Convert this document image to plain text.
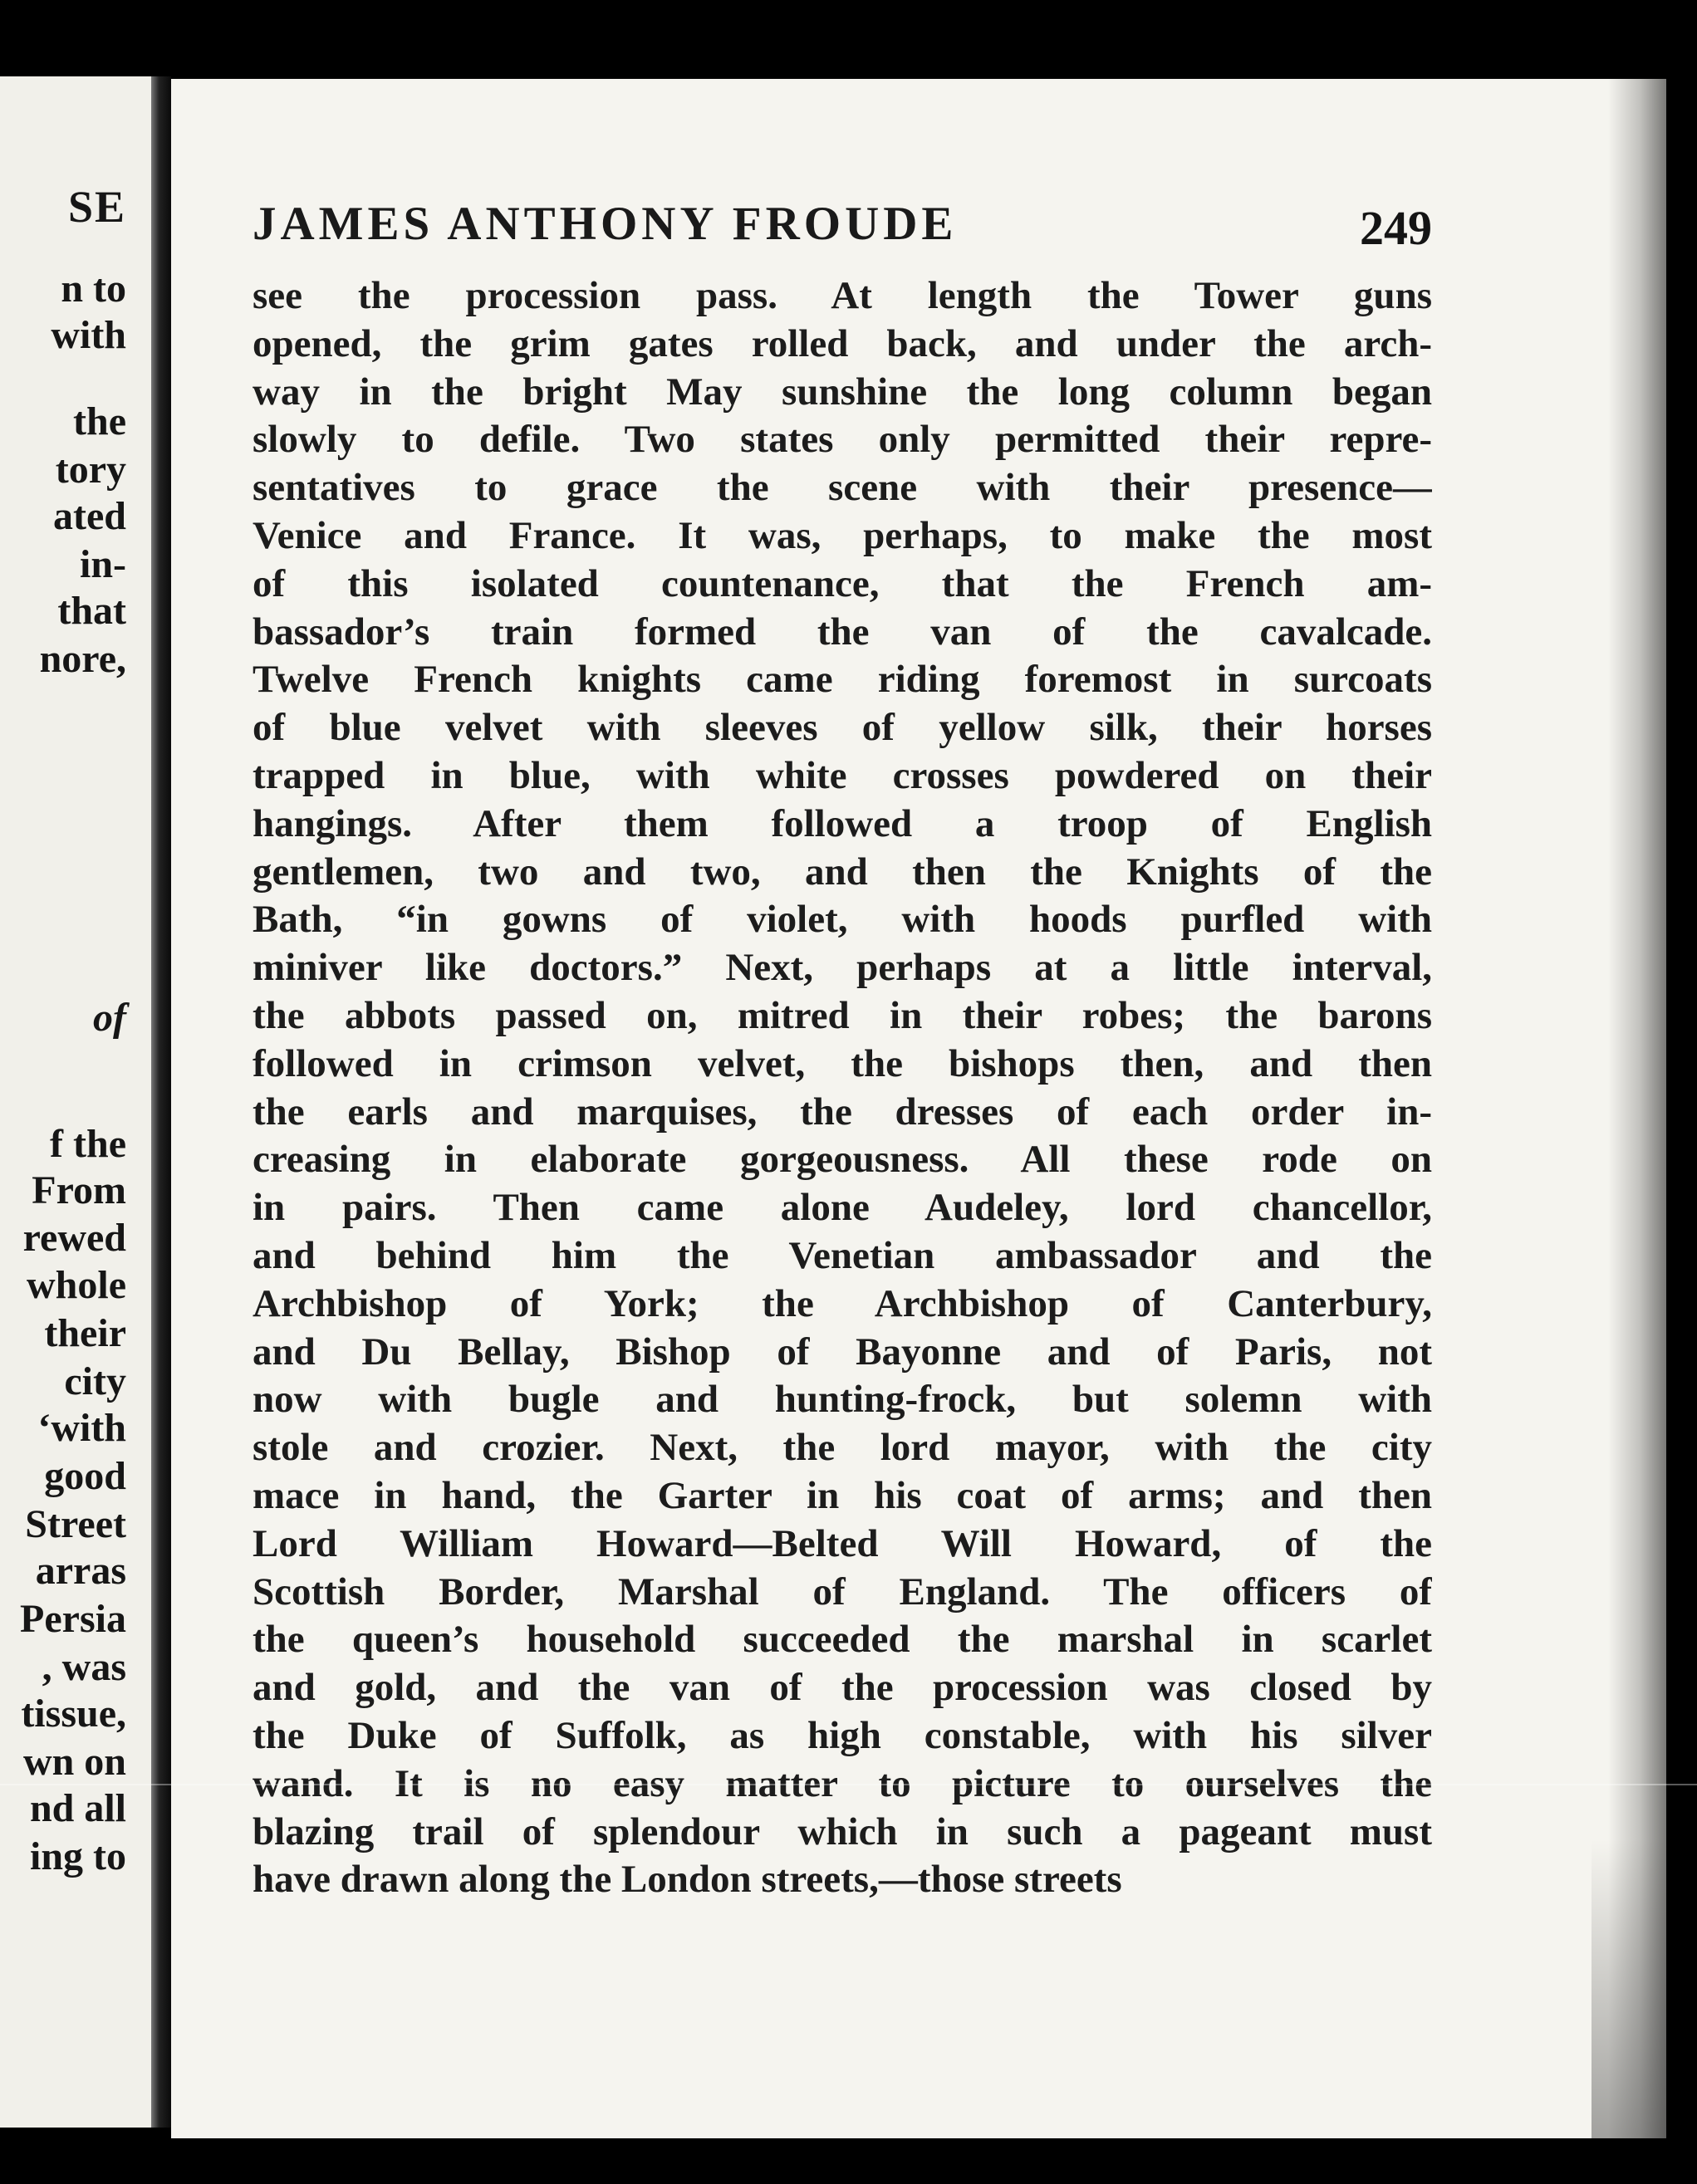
SE

n to

with

the

tory

ated

in-

that

nore,

of

f the

From

rewed

whole

their

city

‘with

good

Street

arras

Persia

, was

tissue,

wn on

nd all

ing to

JAMES ANTHONY FROUDE	249

see the procession pass. At length the Tower guns
opened, the grim gates rolled back, and under the arch-
way in the bright May sunshine the long column began
slowly to defile. Two states only permitted their repre-
sentatives to grace the scene with their presence—
Venice and France. It was, perhaps, to make the most
of this isolated countenance, that the French am-
bassador’s train formed the van of the cavalcade.
Twelve French knights came riding foremost in surcoats
of blue velvet with sleeves of yellow silk, their horses
trapped in blue, with white crosses powdered on their
hangings. After them followed a troop of English
gentlemen, two and two, and then the Knights of the
Bath, “in gowns of violet, with hoods purfled with
miniver like doctors.” Next, perhaps at a little interval,
the abbots passed on, mitred in their robes; the barons
followed in crimson velvet, the bishops then, and then
the earls and marquises, the dresses of each order in-
creasing in elaborate gorgeousness. All these rode on
in pairs. Then came alone Audeley, lord chancellor,
and behind him the Venetian ambassador and the
Archbishop of York; the Archbishop of Canterbury,
and Du Bellay, Bishop of Bayonne and of Paris, not
now with bugle and hunting-frock, but solemn with
stole and crozier. Next, the lord mayor, with the city
mace in hand, the Garter in his coat of arms; and then
Lord William Howard—Belted Will Howard, of the
Scottish Border, Marshal of England. The officers of
the queen’s household succeeded the marshal in scarlet
and gold, and the van of the procession was closed by
the Duke of Suffolk, as high constable, with his silver
wand. It is no easy matter to picture to ourselves the
blazing trail of splendour which in such a pageant must
have drawn along the London streets,—those streets
